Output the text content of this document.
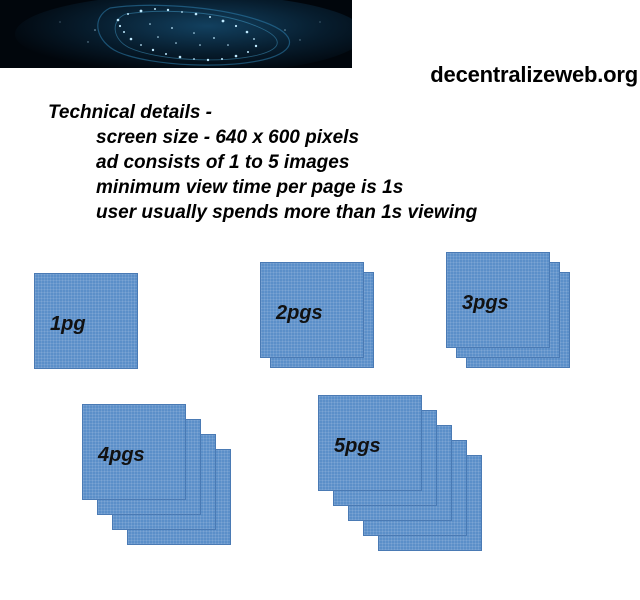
decentralizeweb.org
Technical details -
screen size - 640 x 600 pixels
ad consists of 1 to 5 images
minimum view time per page is 1s
user usually spends more than 1s viewing
1pg	2pgs	3pgs
4pgs	5pgs
